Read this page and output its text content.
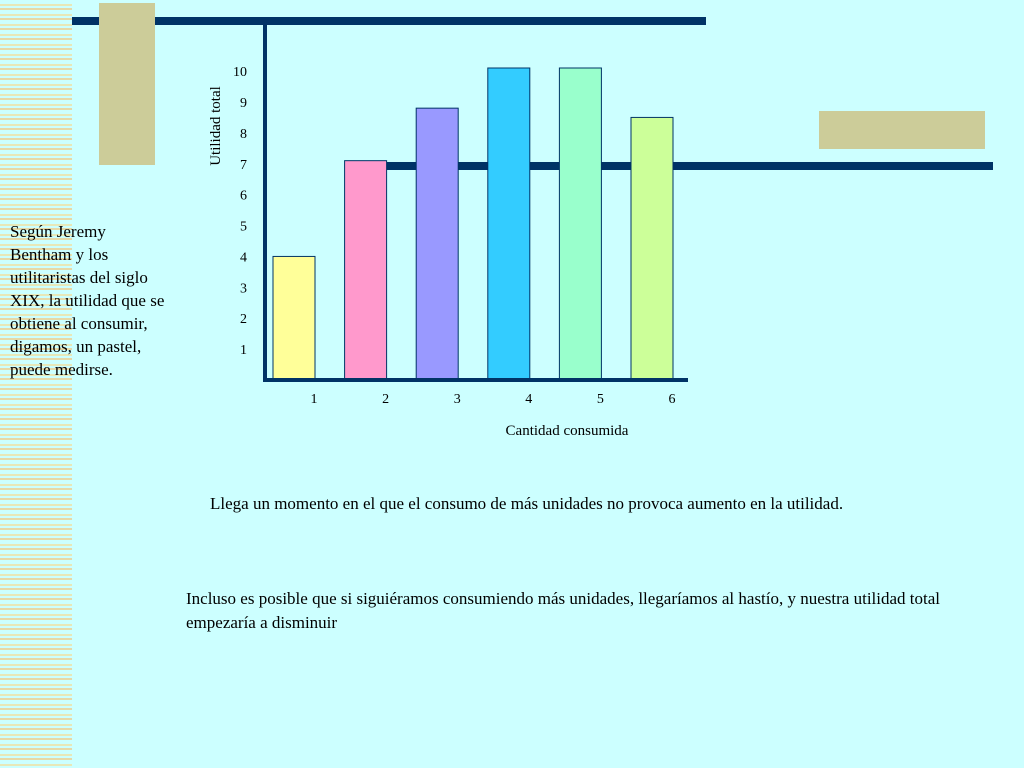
Según Jeremy Bentham y los utilitaristas del siglo XIX, la utilidad que se obtiene al consumir, digamos, un pastel, puede medirse.
1
2
3
4
5
6
7
8
9
10
1	2	3	4	5	6
Cantidad consumida
Utilidad total
Llega un momento en el que el consumo de más unidades no provoca aumento en la utilidad.
Incluso es posible que si siguiéramos consumiendo más unidades, llegaríamos al hastío, y nuestra utilidad total empezaría a disminuir
